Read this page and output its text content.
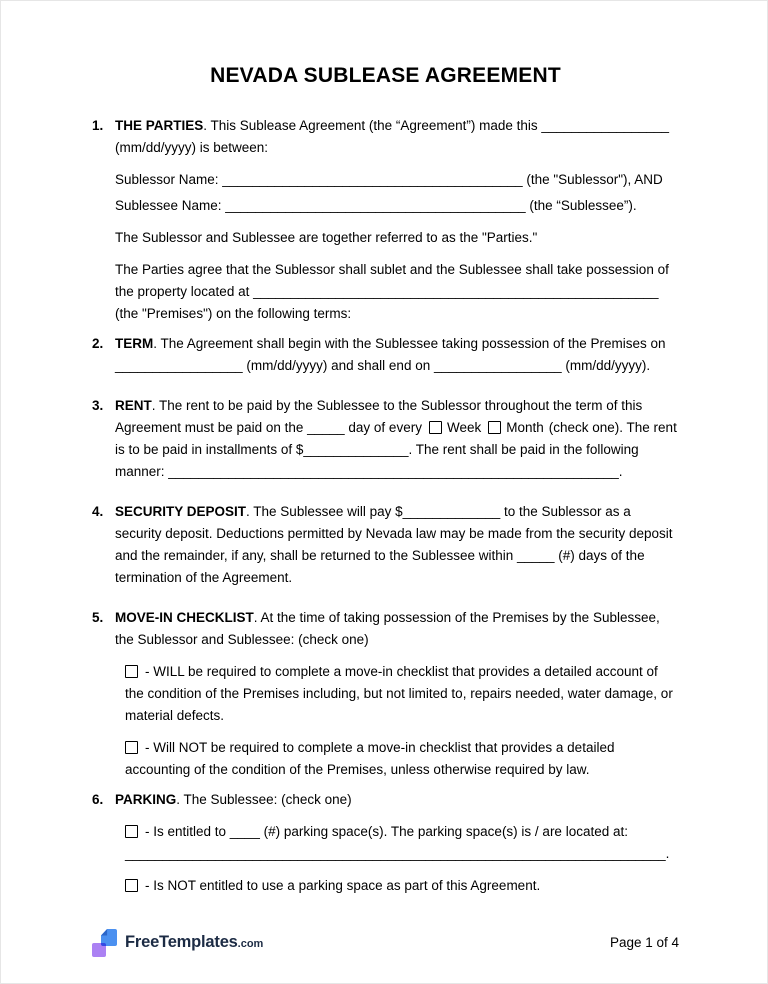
NEVADA SUBLEASE AGREEMENT
1. THE PARTIES. This Sublease Agreement (the “Agreement”) made this _________________ (mm/dd/yyyy) is between:

Sublessor Name: ________________________________________ (the "Sublessor"), AND

Sublessee Name: ________________________________________ (the “Sublessee”).

The Sublessor and Sublessee are together referred to as the "Parties."

The Parties agree that the Sublessor shall sublet and the Sublessee shall take possession of the property located at ______________________________________________________ (the "Premises") on the following terms:

2. TERM. The Agreement shall begin with the Sublessee taking possession of the Premises on _________________ (mm/dd/yyyy) and shall end on _________________ (mm/dd/yyyy).

3. RENT. The rent to be paid by the Sublessee to the Sublessor throughout the term of this Agreement must be paid on the _____ day of every Week Month (check one). The rent is to be paid in installments of $______________. The rent shall be paid in the following manner: ____________________________________________________________.

4. SECURITY DEPOSIT. The Sublessee will pay $_____________ to the Sublessor as a security deposit. Deductions permitted by Nevada law may be made from the security deposit and the remainder, if any, shall be returned to the Sublessee within _____ (#) days of the termination of the Agreement.

5. MOVE-IN CHECKLIST. At the time of taking possession of the Premises by the Sublessee, the Sublessor and Sublessee: (check one)

- WILL be required to complete a move-in checklist that provides a detailed account of the condition of the Premises including, but not limited to, repairs needed, water damage, or material defects.

- Will NOT be required to complete a move-in checklist that provides a detailed accounting of the condition of the Premises, unless otherwise required by law.

6. PARKING. The Sublessee: (check one)

- Is entitled to ____ (#) parking space(s). The parking space(s) is / are located at: ________________________________________________________________________.

- Is NOT entitled to use a parking space as part of this Agreement.

FreeTemplates.com	Page 1 of 4
